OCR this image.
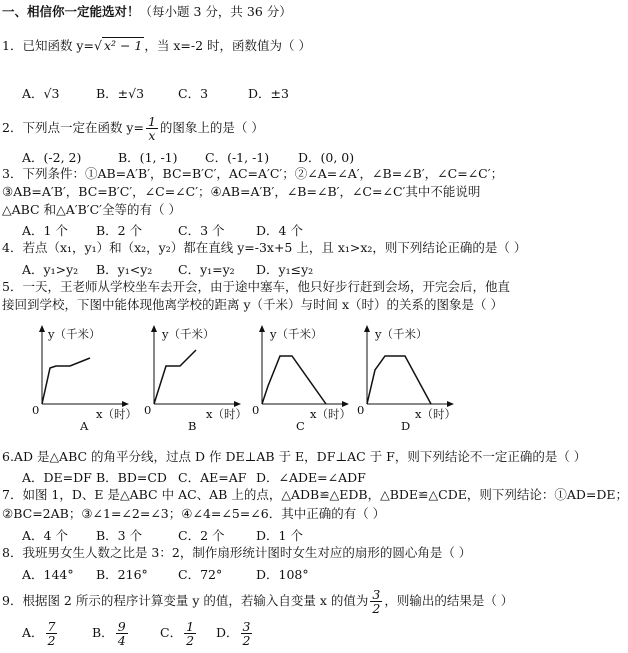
一、相信你一定能选对！（每小题 3 分，共 36 分）
1．已知函数 y=√ x² − 1 ，当 x=-2 时，函数值为（ ）
A．√3	B．±√3	C．3	D．±3
2．下列点一定在函数 $y= \frac{1}{x}$ 的图象上的是（ ）
A．(-2, 2)	B．(1, -1) C．(-1, -1) D．(0, 0)
3．下列条件：①AB=A′B′，BC=B′C′，AC=A′C′；②∠A=∠A′，∠B=∠B′，∠C=∠C′；
③AB=A′B′，BC=B′C′，∠C=∠C′；④AB=A′B′，∠B=∠B′，∠C=∠C′其中不能说明
△ABC 和△A′B′C′全等的有（ ）
A．1 个 B．2 个	C．3 个	D．4 个
4．若点（x₁，y₁）和（x₂，y₂）都在直线 y=-3x+5 上，且 x₁>x₂，则下列结论正确的是（ ）
A．y₁>y₂ B．y₁<y₂ C．y₁=y₂ D．y₁≤y₂
5．一天，王老师从学校坐车去开会，由于途中塞车，他只好步行赶到会场，开完会后，他直
接回到学校，下图中能体现他离学校的距离 y（千米）与时间 x（时）的关系的图象是（ ）
y（千米）
0	x（时）
A
y（千米）
0	x（时）
B
y（千米）
0	x（时）
C
y（千米）
0	x（时）
D
6.AD 是△ABC 的角平分线，过点 D 作 DE⊥AB 于 E，DF⊥AC 于 F，则下列结论不一定正确的是（ ）
A．DE=DF B．BD=CD C．AE=AF D．∠ADE=∠ADF
7．如图 1，D、E 是△ABC 中 AC、AB 上的点，△ADB≌△EDB，△BDE≌△CDE，则下列结论：①AD=DE；
②BC=2AB；③∠1=∠2=∠3；④∠4=∠5=∠6．其中正确的有（ ）
A．4 个 B．3 个	C．2 个	D．1 个
8．我班男女生人数之比是 3：2，制作扇形统计图时女生对应的扇形的圆心角是（ ）
A．144° B．216° C．72°	D．108°
9．根据图 2 所示的程序计算变量 y 的值，若输入自变量 x 的值为 $\frac{3}{2}$ ，则输出的结果是（ ）
A． $\frac{7}{2}$	B． $\frac{9}{4}$	C． $\frac{1}{2}$ D． $\frac{3}{2}$
